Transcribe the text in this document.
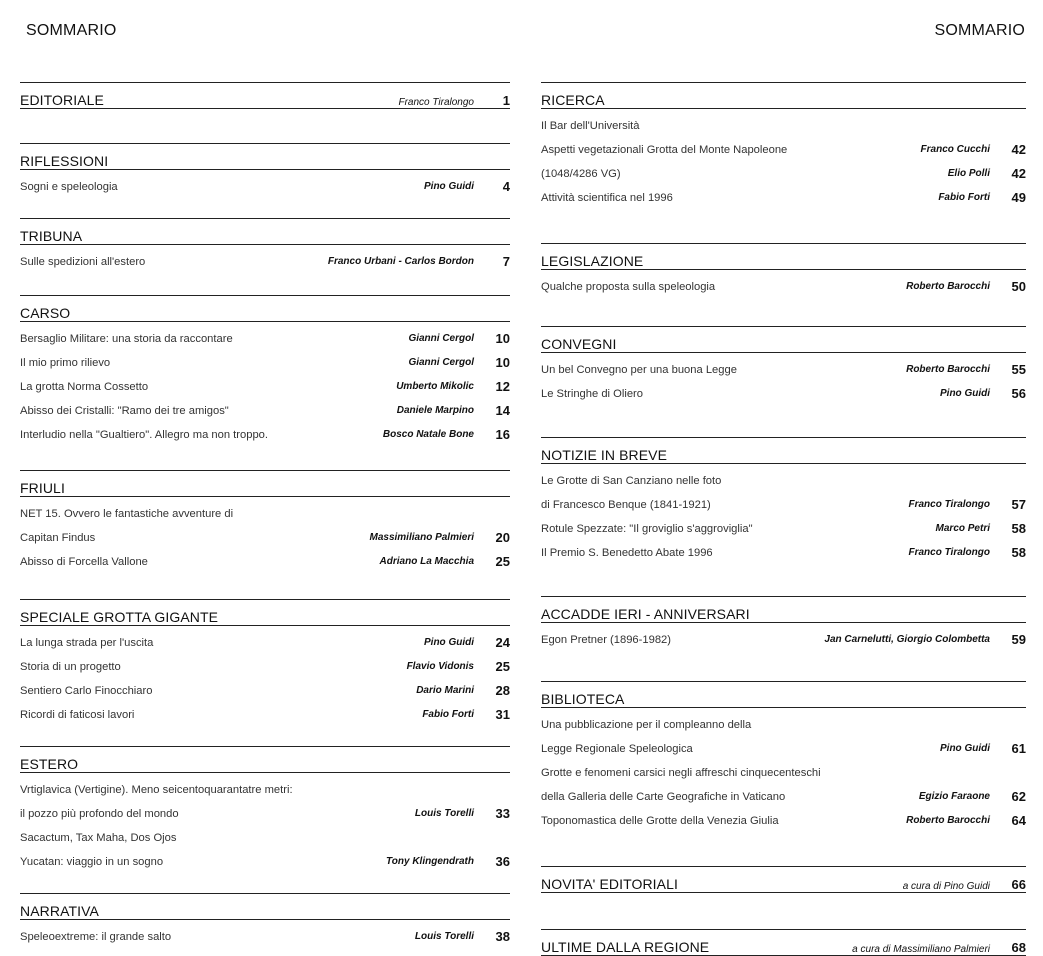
SOMMARIO	SOMMARIO
EDITORIALE	Franco Tiralongo	1
RIFLESSIONI
Sogni e speleologia	Pino Guidi	4
TRIBUNA
Sulle spedizioni all'estero	Franco Urbani - Carlos Bordon	7
CARSO
Bersaglio Militare: una storia da raccontare	Gianni Cergol	10
Il mio primo rilievo	Gianni Cergol	10
La grotta Norma Cossetto	Umberto Mikolic	12
Abisso dei Cristalli: "Ramo dei tre amigos"	Daniele Marpino	14
Interludio nella "Gualtiero". Allegro ma non troppo.	Bosco Natale Bone	16
FRIULI
NET 15. Ovvero le fantastiche avventure di
Capitan Findus	Massimiliano Palmieri	20
Abisso di Forcella Vallone	Adriano La Macchia	25
SPECIALE GROTTA GIGANTE
La lunga strada per l'uscita	Pino Guidi	24
Storia di un progetto	Flavio Vidonis	25
Sentiero Carlo Finocchiaro	Dario Marini	28
Ricordi di faticosi lavori	Fabio Forti	31
ESTERO
Vrtiglavica (Vertigine). Meno seicentoquarantatre metri:
il pozzo più profondo del mondo	Louis Torelli	33
Sacactum, Tax Maha, Dos Ojos
Yucatan: viaggio in un sogno	Tony Klingendrath	36
NARRATIVA
Speleoextreme: il grande salto	Louis Torelli	38
RICERCA
Il Bar dell'Università
Aspetti vegetazionali Grotta del Monte Napoleone	Franco Cucchi	42
(1048/4286 VG)	Elio Polli	42
Attività scientifica nel 1996	Fabio Forti	49
LEGISLAZIONE
Qualche proposta sulla speleologia	Roberto Barocchi	50
CONVEGNI
Un bel Convegno per una buona Legge	Roberto Barocchi	55
Le Stringhe di Oliero	Pino Guidi	56
NOTIZIE IN BREVE
Le Grotte di San Canziano nelle foto
di Francesco Benque (1841-1921)	Franco Tiralongo	57
Rotule Spezzate: "Il groviglio s'aggroviglia"	Marco Petri	58
Il Premio S. Benedetto Abate 1996	Franco Tiralongo	58
ACCADDE IERI - ANNIVERSARI
Egon Pretner (1896-1982)	Jan Carnelutti, Giorgio Colombetta	59
BIBLIOTECA
Una pubblicazione per il compleanno della
Legge Regionale Speleologica	Pino Guidi	61
Grotte e fenomeni carsici negli affreschi cinquecenteschi
della Galleria delle Carte Geografiche in Vaticano	Egizio Faraone	62
Toponomastica delle Grotte della Venezia Giulia	Roberto Barocchi	64
NOVITA' EDITORIALI	a cura di Pino Guidi	66
ULTIME DALLA REGIONE	a cura di Massimiliano Palmieri	68
